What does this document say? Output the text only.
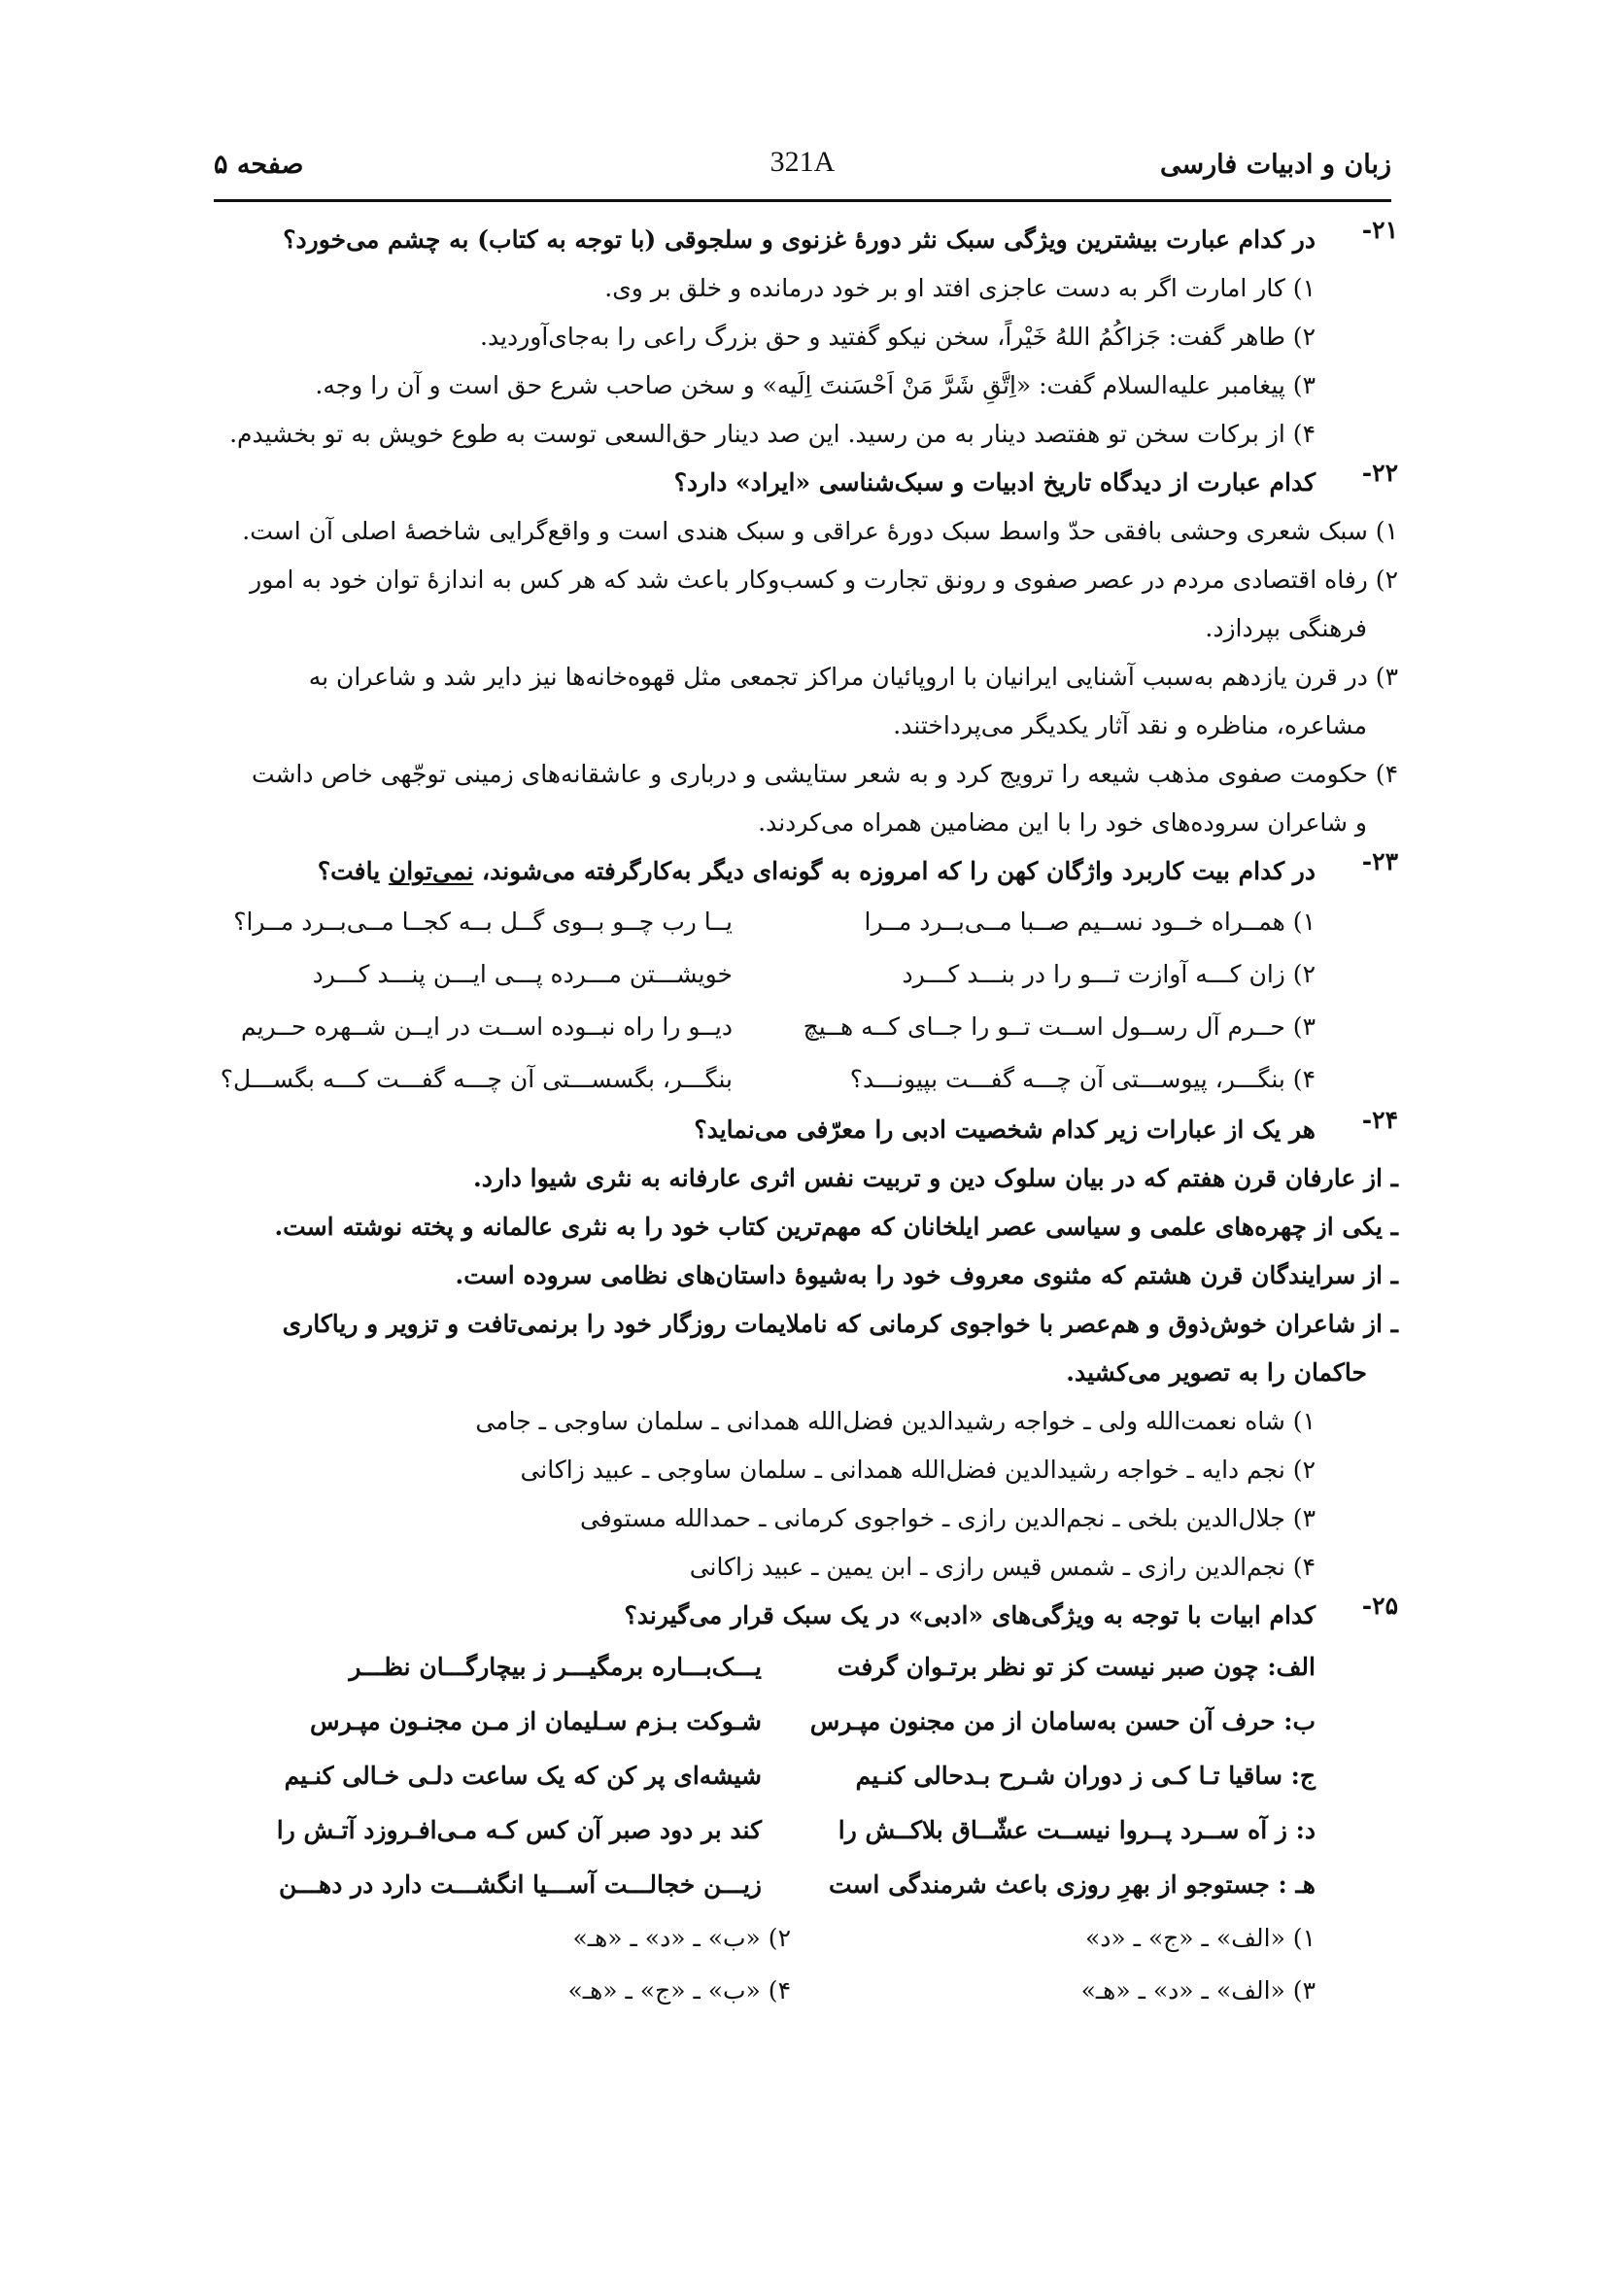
زبان و ادبیات فارسی
321A
صفحه ۵
۲۱-
در کدام عبارت بیشترین ویژگی سبک نثر دورهٔ غزنوی و سلجوقی (با توجه به کتاب) به چشم می‌خورد؟
۱) کار امارت اگر به دست عاجزی افتد او بر خود درمانده و خلق بر وی.
۲) طاهر گفت: جَزاکُمُ اللهُ خَیْراً، سخن نیکو گفتید و حق بزرگ راعی را به‌جای‌آوردید.
۳) پیغامبر علیه‌السلام گفت: «اِتَّقِ شَرَّ مَنْ اَحْسَنتَ اِلَیه» و سخن صاحب شرع حق است و آن را وجه.
۴) از برکات سخن تو هفتصد دینار به من رسید. این صد دینار حق‌السعی توست به طوع خویش به تو بخشیدم.
۲۲-
کدام عبارت از دیدگاه تاریخ ادبیات و سبک‌شناسی «ایراد» دارد؟
۱) سبک شعری وحشی بافقی حدّ واسط سبک دورهٔ عراقی و سبک هندی است و واقع‌گرایی شاخصهٔ اصلی آن است.
۲) رفاه اقتصادی مردم در عصر صفوی و رونق تجارت و کسب‌وکار باعث شد که هر کس به اندازهٔ توان خود به امور
فرهنگی بپردازد.
۳) در قرن یازدهم به‌سبب آشنایی ایرانیان با اروپائیان مراکز تجمعی مثل قهوه‌خانه‌ها نیز دایر شد و شاعران به
مشاعره، مناظره و نقد آثار یکدیگر می‌پرداختند.
۴) حکومت صفوی مذهب شیعه را ترویج کرد و به شعر ستایشی و درباری و عاشقانه‌های زمینی توجّهی خاص داشت
و شاعران سروده‌های خود را با این مضامین همراه می‌کردند.
۲۳-
در کدام بیت کاربرد واژگان کهن را که امروزه به گونه‌ای دیگر به‌کارگرفته می‌شوند، نمی‌توان یافت؟
۱) همــراه خــود نســیم صــبا مــی‌بــرد مــرا
یــا رب چــو بــوی گــل بــه کجــا مــی‌بــرد مــرا؟
۲) زان کـــه آوازت تـــو را در بنـــد کـــرد
خویشـــتن مـــرده پـــی ایـــن پنـــد کـــرد
۳) حــرم آل رســول اســت تــو را جــای کــه هــیچ
دیــو را راه نبــوده اســت در ایــن شــهره حــریم
۴) بنگـــر، پیوســـتی آن چـــه گفـــت بپیونـــد؟
بنگـــر، بگسســـتی آن چـــه گفـــت کـــه بگســـل؟
۲۴-
هر یک از عبارات زیر کدام شخصیت ادبی را معرّفی می‌نماید؟
ـ از عارفان قرن هفتم که در بیان سلوک دین و تربیت نفس اثری عارفانه به نثری شیوا دارد.
ـ یکی از چهره‌های علمی و سیاسی عصر ایلخانان که مهم‌ترین کتاب خود را به نثری عالمانه و پخته نوشته است.
ـ از سرایندگان قرن هشتم که مثنوی معروف خود را به‌شیوهٔ داستان‌های نظامی سروده است.
ـ از شاعران خوش‌ذوق و هم‌عصر با خواجوی کرمانی که ناملایمات روزگار خود را برنمی‌تافت و تزویر و ریاکاری
حاکمان را به تصویر می‌کشید.
۱) شاه نعمت‌الله ولی ـ خواجه رشیدالدین فضل‌الله همدانی ـ سلمان ساوجی ـ جامی
۲) نجم دایه ـ خواجه رشیدالدین فضل‌الله همدانی ـ سلمان ساوجی ـ عبید زاکانی
۳) جلال‌الدین بلخی ـ نجم‌الدین رازی ـ خواجوی کرمانی ـ حمدالله مستوفی
۴) نجم‌الدین رازی ـ شمس قیس رازی ـ ابن یمین ـ عبید زاکانی
۲۵-
کدام ابیات با توجه به ویژگی‌های «ادبی» در یک سبک قرار می‌گیرند؟
الف: چون صبر نیست کز تو نظر برتـوان گرفت
یـــک‌بـــاره برمگیـــر ز بیچارگـــان نظـــر
ب: حرف آن حسن به‌سامان از من مجنون مپـرس
شـوکت بـزم سـلیمان از مـن مجنـون مپـرس
ج: ساقیا تـا کـی ز دوران شـرح بـدحالی کنـیم
شیشه‌ای پر کن که یک ساعت دلـی خـالی کنـیم
د: ز آه ســرد پــروا نیســت عشّــاق بلاکــش را
کند بر دود صبر آن کس کـه مـی‌افـروزد آتـش را
هـ : جستوجو از بهرِ روزی باعث شرمندگی است
زیـــن خجالـــت آســـیا انگشـــت دارد در دهـــن
۱) «الف» ـ «ج» ـ «د»
۲) «ب» ـ «د» ـ «هـ»
۳) «الف» ـ «د» ـ «هـ»
۴) «ب» ـ «ج» ـ «هـ»
